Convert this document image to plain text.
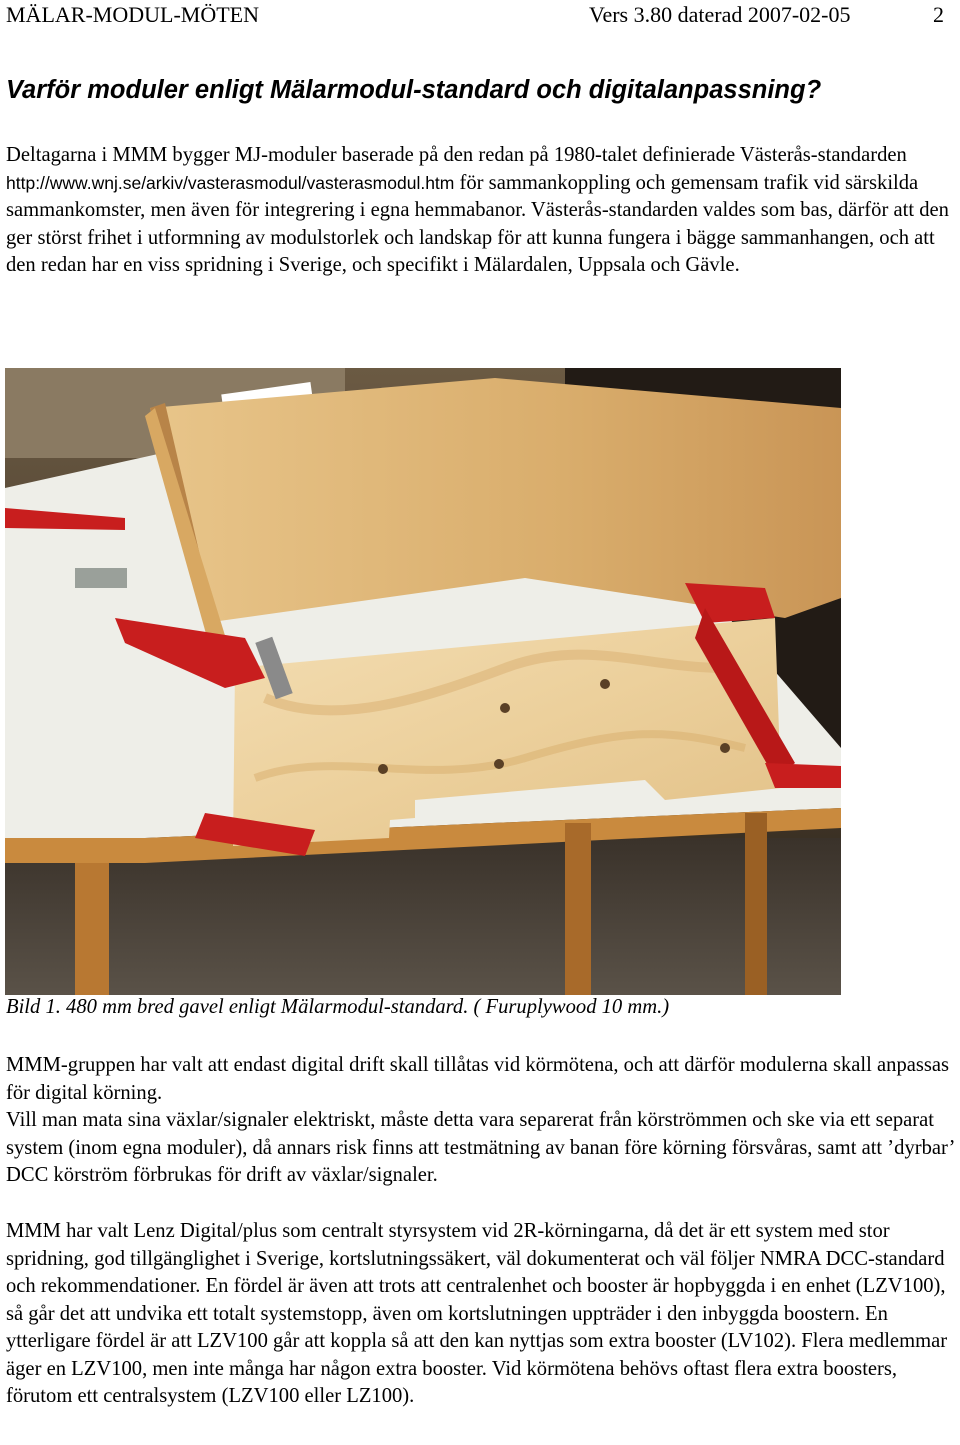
MÄLAR-MODUL-MÖTEN	Vers 3.80 daterad 2007-02-05	2
Varför moduler enligt Mälarmodul-standard och digitalanpassning?
Deltagarna i MMM bygger MJ-moduler baserade på den redan på 1980-talet definierade Västerås-standarden http://www.wnj.se/arkiv/vasterasmodul/vasterasmodul.htm för sammankoppling och gemensam trafik vid särskilda sammankomster, men även för integrering i egna hemmabanor. Västerås-standarden valdes som bas, därför att den ger störst frihet i utformning av modulstorlek och landskap för att kunna fungera i bägge sammanhangen, och att den redan har en viss spridning i Sverige, och specifikt i Mälardalen, Uppsala och Gävle.
Bild 1. 480 mm bred gavel enligt Mälarmodul-standard. ( Furuplywood 10 mm.)
MMM-gruppen har valt att endast digital drift skall tillåtas vid körmötena, och att därför modulerna skall anpassas för digital körning.
Vill man mata sina växlar/signaler elektriskt, måste detta vara separerat från körströmmen och ske via ett separat system (inom egna moduler), då annars risk finns att testmätning av banan före körning försvåras, samt att ’dyrbar’ DCC körström förbrukas för drift av växlar/signaler.
MMM har valt Lenz Digital/plus som centralt styrsystem vid 2R-körningarna, då det är ett system med stor spridning, god tillgänglighet i Sverige, kortslutningssäkert, väl dokumenterat och väl följer NMRA DCC-standard och rekommendationer. En fördel är även att trots att centralenhet och booster är hopbyggda i en enhet (LZV100), så går det att undvika ett totalt systemstopp, även om kortslutningen uppträder i den inbyggda boostern. En ytterligare fördel är att LZV100 går att koppla så att den kan nyttjas som extra booster (LV102). Flera medlemmar äger en LZV100, men inte många har någon extra booster. Vid körmötena behövs oftast flera extra boosters, förutom ett centralsystem (LZV100 eller LZ100).
